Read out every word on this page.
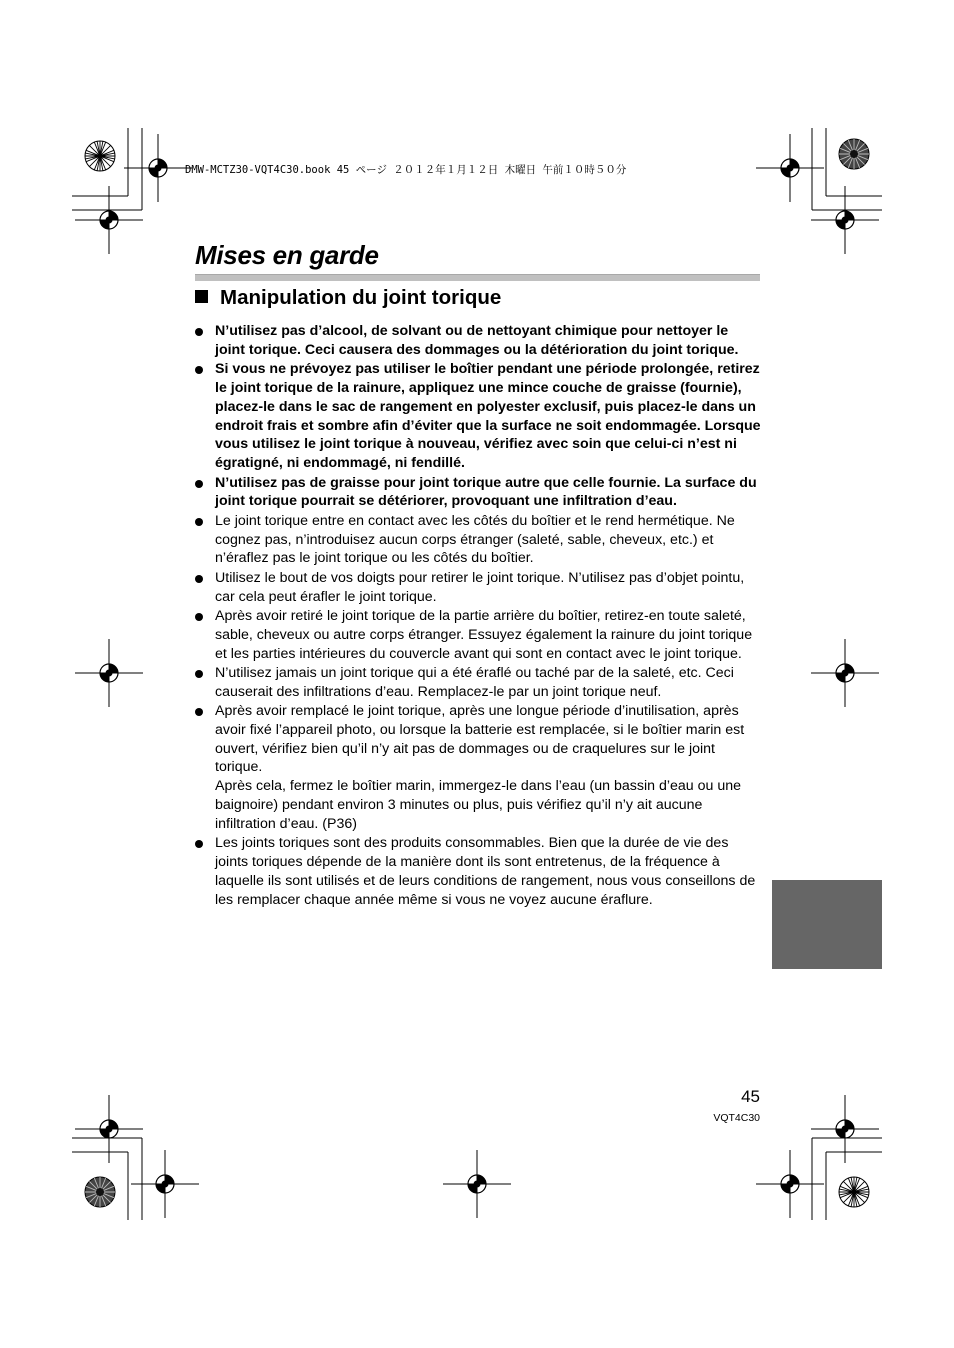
DMW-MCTZ30-VQT4C30.book 45 ページ ２０１２年１月１２日 木曜日 午前１０時５０分
Mises en garde
Manipulation du joint torique

N’utilisez pas d’alcool, de solvant ou de nettoyant chimique pour nettoyer le joint torique. Ceci causera des dommages ou la détérioration du joint torique.

Si vous ne prévoyez pas utiliser le boîtier pendant une période prolongée, retirez le joint torique de la rainure, appliquez une mince couche de graisse (fournie), placez-le dans le sac de rangement en polyester exclusif, puis placez-le dans un endroit frais et sombre afin d’éviter que la surface ne soit endommagée. Lorsque vous utilisez le joint torique à nouveau, vérifiez avec soin que celui-ci n’est ni égratigné, ni endommagé, ni fendillé.

N’utilisez pas de graisse pour joint torique autre que celle fournie. La surface du joint torique pourrait se détériorer, provoquant une infiltration d’eau.

Le joint torique entre en contact avec les côtés du boîtier et le rend hermétique. Ne cognez pas, n’introduisez aucun corps étranger (saleté, sable, cheveux, etc.) et n’éraflez pas le joint torique ou les côtés du boîtier.

Utilisez le bout de vos doigts pour retirer le joint torique. N’utilisez pas d’objet pointu, car cela peut érafler le joint torique.

Après avoir retiré le joint torique de la partie arrière du boîtier, retirez-en toute saleté, sable, cheveux ou autre corps étranger. Essuyez également la rainure du joint torique et les parties intérieures du couvercle avant qui sont en contact avec le joint torique.

N’utilisez jamais un joint torique qui a été éraflé ou taché par de la saleté, etc. Ceci causerait des infiltrations d’eau. Remplacez-le par un joint torique neuf.

Après avoir remplacé le joint torique, après une longue période d’inutilisation, après avoir fixé l’appareil photo, ou lorsque la batterie est remplacée, si le boîtier marin est ouvert, vérifiez bien qu’il n’y ait pas de dommages ou de craquelures sur le joint torique.

Après cela, fermez le boîtier marin, immergez-le dans l’eau (un bassin d’eau ou une baignoire) pendant environ 3 minutes ou plus, puis vérifiez qu’il n’y ait aucune infiltration d’eau. (P36)

Les joints toriques sont des produits consommables. Bien que la durée de vie des joints toriques dépende de la manière dont ils sont entretenus, de la fréquence à laquelle ils sont utilisés et de leurs conditions de rangement, nous vous conseillons de les remplacer chaque année même si vous ne voyez aucune éraflure.

45
VQT4C30
